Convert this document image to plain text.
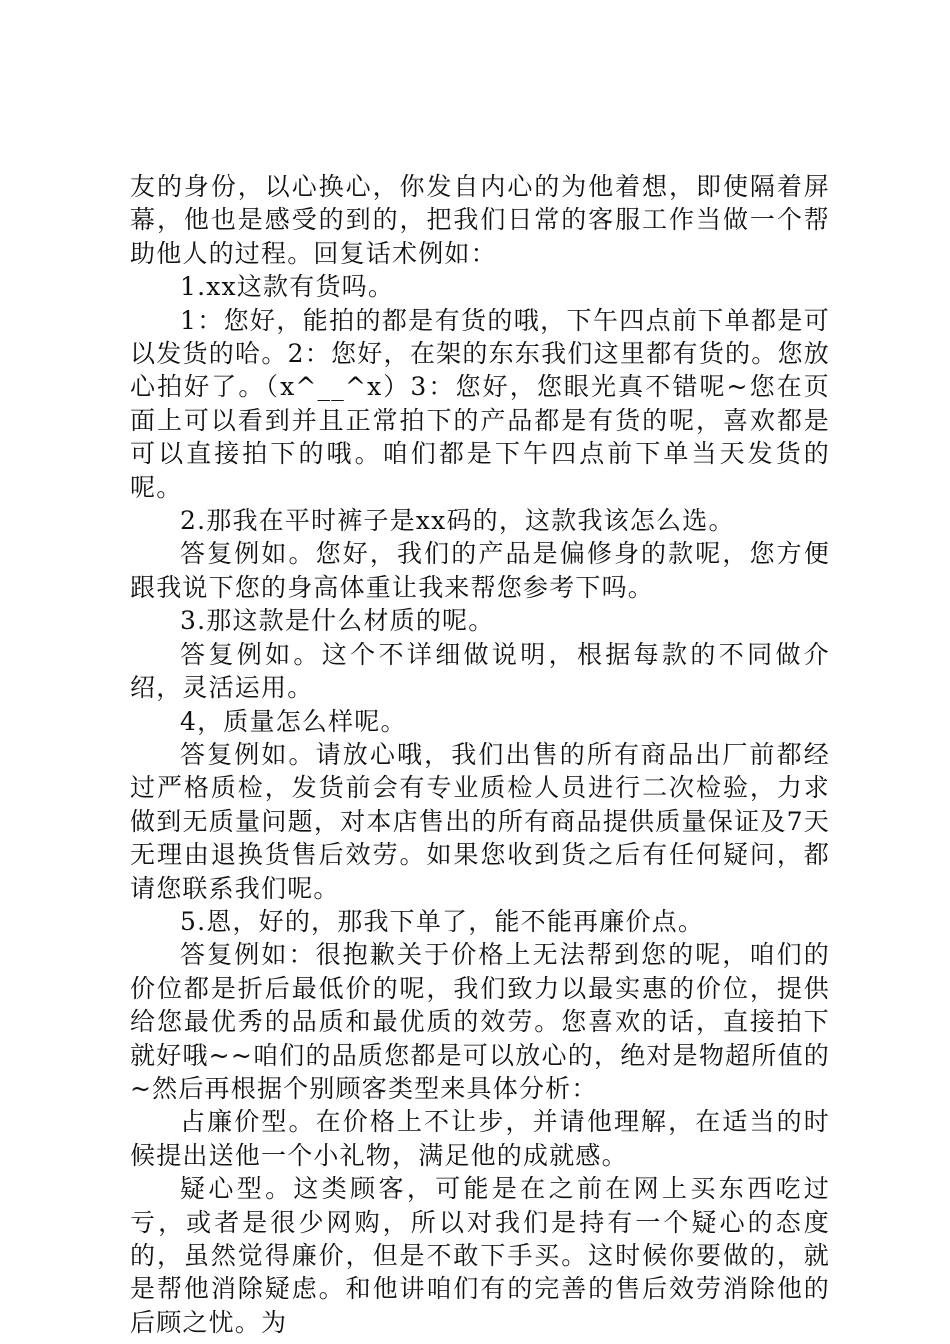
友的身份，以心换心，你发自内心的为他着想，即使隔着屏幕，他也是感受的到的，把我们日常的客服工作当做一个帮助他人的过程。回复话术例如：

1.xx这款有货吗。

1：您好，能拍的都是有货的哦，下午四点前下单都是可以发货的哈。2：您好，在架的东东我们这里都有货的。您放心拍好了。（x^__^x）3：您好，您眼光真不错呢~您在页面上可以看到并且正常拍下的产品都是有货的呢，喜欢都是可以直接拍下的哦。咱们都是下午四点前下单当天发货的呢。

2.那我在平时裤子是xx码的，这款我该怎么选。

答复例如。您好，我们的产品是偏修身的款呢，您方便跟我说下您的身高体重让我来帮您参考下吗。

3.那这款是什么材质的呢。

答复例如。这个不详细做说明，根据每款的不同做介绍，灵活运用。

4，质量怎么样呢。

答复例如。请放心哦，我们出售的所有商品出厂前都经过严格质检，发货前会有专业质检人员进行二次检验，力求做到无质量问题，对本店售出的所有商品提供质量保证及7天无理由退换货售后效劳。如果您收到货之后有任何疑问，都请您联系我们呢。

5.恩，好的，那我下单了，能不能再廉价点。

答复例如：很抱歉关于价格上无法帮到您的呢，咱们的价位都是折后最低价的呢，我们致力以最实惠的价位，提供给您最优秀的品质和最优质的效劳。您喜欢的话，直接拍下就好哦~~咱们的品质您都是可以放心的，绝对是物超所值的~然后再根据个别顾客类型来具体分析：

占廉价型。在价格上不让步，并请他理解，在适当的时候提出送他一个小礼物，满足他的成就感。

疑心型。这类顾客，可能是在之前在网上买东西吃过亏，或者是很少网购，所以对我们是持有一个疑心的态度的，虽然觉得廉价，但是不敢下手买。这时候你要做的，就是帮他消除疑虑。和他讲咱们有的完善的售后效劳消除他的后顾之忧。为
